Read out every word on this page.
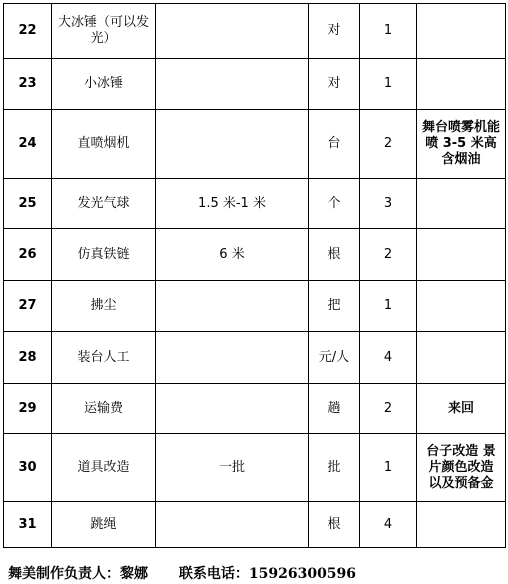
22	大冰锤（可以发光）		对	1	
23	小冰锤		对	1	
24	直喷烟机		台	2	舞台喷雾机能喷 3-5 米高含烟油
25	发光气球	1.5 米-1 米	个	3	
26	仿真铁链	6 米	根	2	
27	拂尘		把	1	
28	装台人工		元/人	4	
29	运输费		趟	2	来回
30	道具改造	一批	批	1	台子改造 景片颜色改造 以及预备金
31	跳绳		根	4	
舞美制作负责人：黎娜 联系电话：15926300596
